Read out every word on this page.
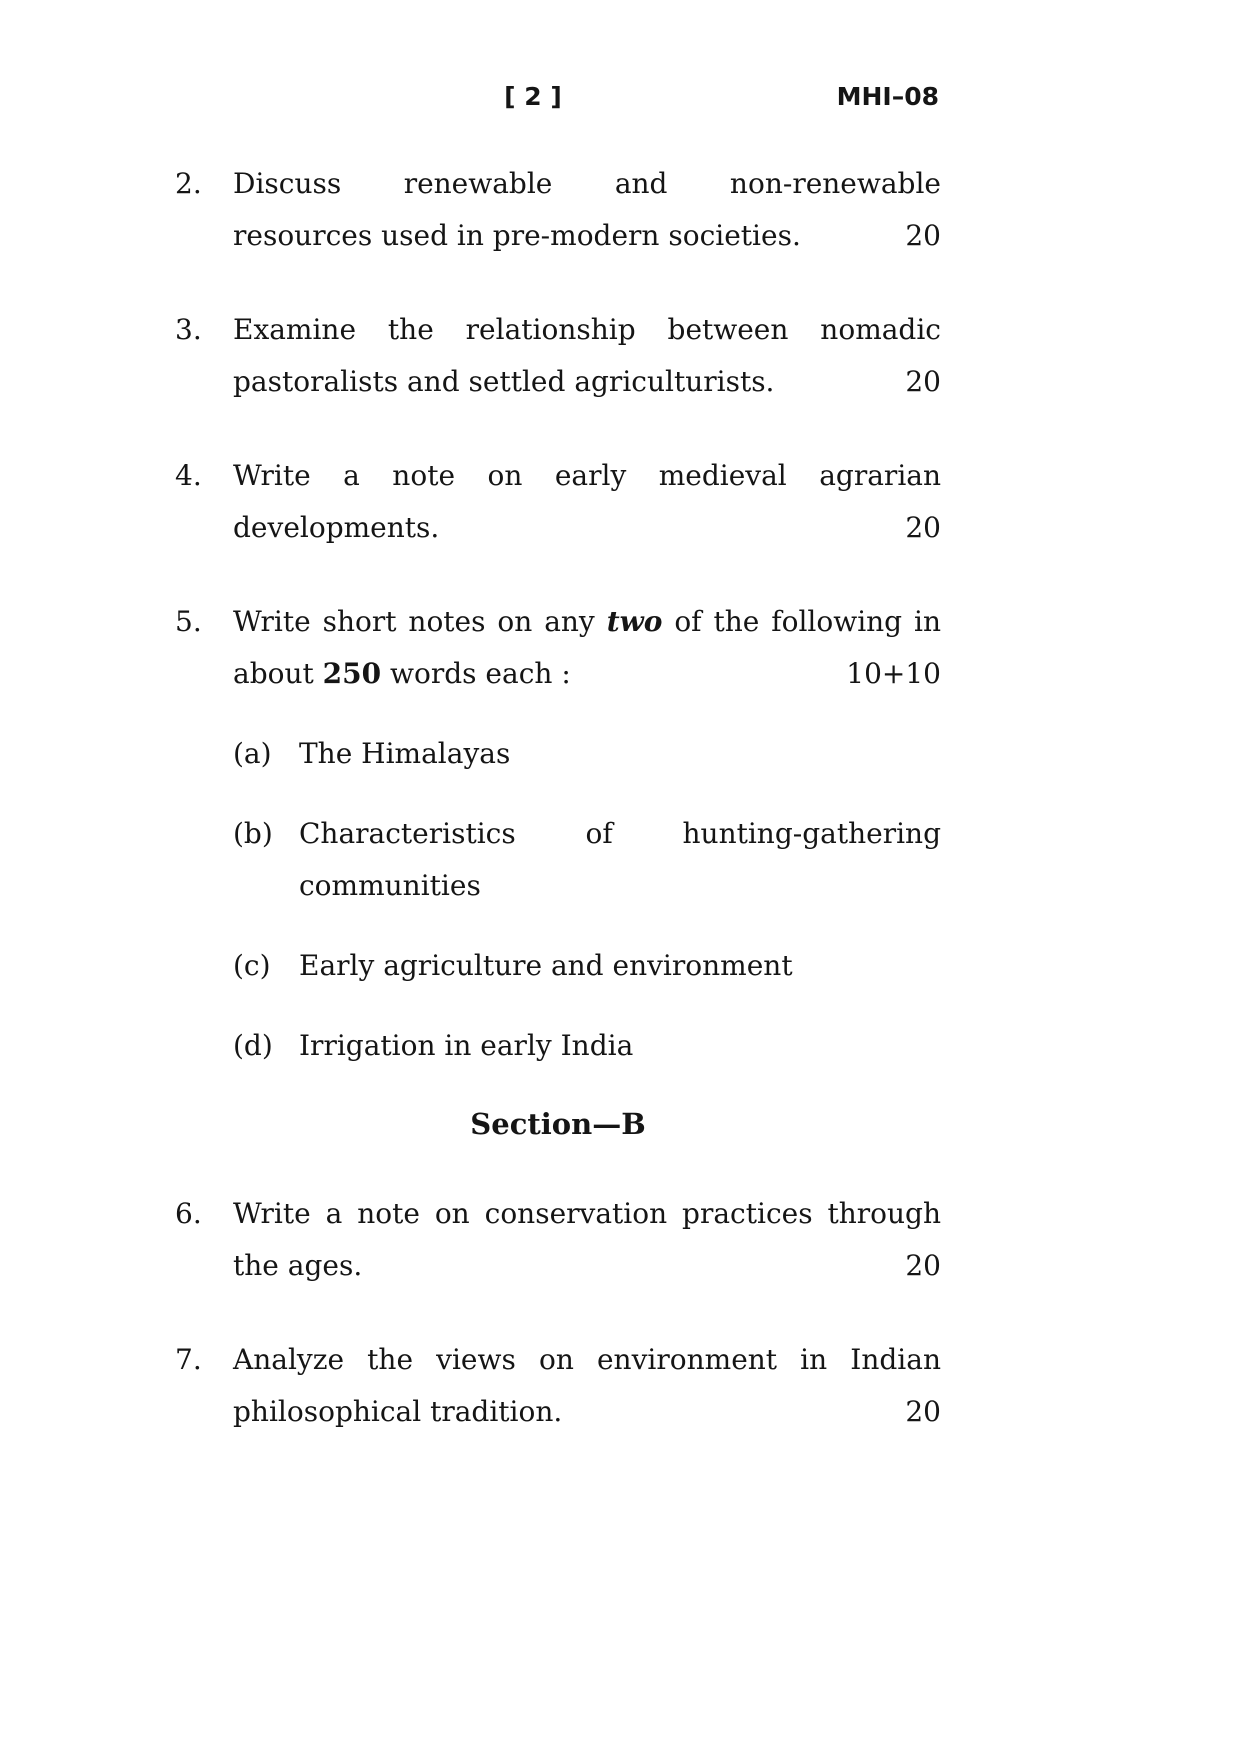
[ 2 ]	MHI–08
2.	Discuss renewable and non-renewable
resources used in pre-modern societies.	20
3.	Examine the relationship between nomadic
pastoralists and settled agriculturists.	20
4.	Write a note on early medieval agrarian
developments.	20
5.	Write short notes on any two of the following in
about 250 words each :	10+10
(a) The Himalayas
(b) Characteristics of hunting-gathering
communities
(c)	Early agriculture and environment
(d) Irrigation in early India
Section—B
6.	Write a note on conservation practices through
the ages.	20
7.	Analyze the views on environment in Indian
philosophical tradition.	20
